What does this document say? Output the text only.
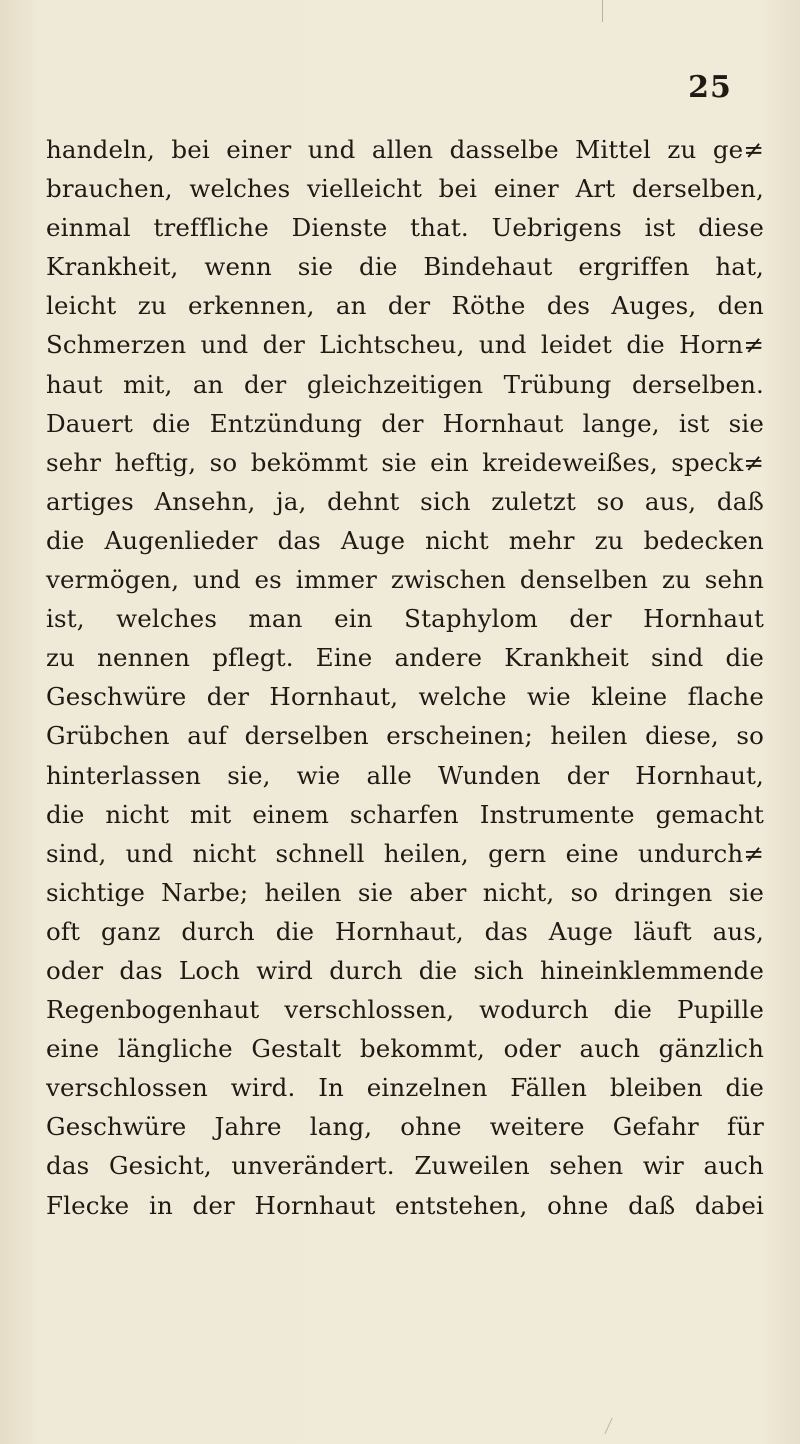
25
handeln, bei einer und allen dasselbe Mittel zu ge≠
brauchen, welches vielleicht bei einer Art derselben,
einmal treffliche Dienste that. Uebrigens ist diese
Krankheit, wenn sie die Bindehaut ergriffen hat,
leicht zu erkennen, an der Röthe des Auges, den
Schmerzen und der Lichtscheu, und leidet die Horn≠
haut mit, an der gleichzeitigen Trübung derselben.
Dauert die Entzündung der Hornhaut lange, ist sie
sehr heftig, so bekömmt sie ein kreideweißes, speck≠
artiges Ansehn, ja, dehnt sich zuletzt so aus, daß
die Augenlieder das Auge nicht mehr zu bedecken
vermögen, und es immer zwischen denselben zu sehn
ist, welches man ein Staphylom der Hornhaut
zu nennen pflegt. Eine andere Krankheit sind die
Geschwüre der Hornhaut, welche wie kleine flache
Grübchen auf derselben erscheinen; heilen diese, so
hinterlassen sie, wie alle Wunden der Hornhaut,
die nicht mit einem scharfen Instrumente gemacht
sind, und nicht schnell heilen, gern eine undurch≠
sichtige Narbe; heilen sie aber nicht, so dringen sie
oft ganz durch die Hornhaut, das Auge läuft aus,
oder das Loch wird durch die sich hineinklemmende
Regenbogenhaut verschlossen, wodurch die Pupille
eine längliche Gestalt bekommt, oder auch gänzlich
verschlossen wird. In einzelnen Fällen bleiben die
Geschwüre Jahre lang, ohne weitere Gefahr für
das Gesicht, unverändert. Zuweilen sehen wir auch
Flecke in der Hornhaut entstehen, ohne daß dabei
